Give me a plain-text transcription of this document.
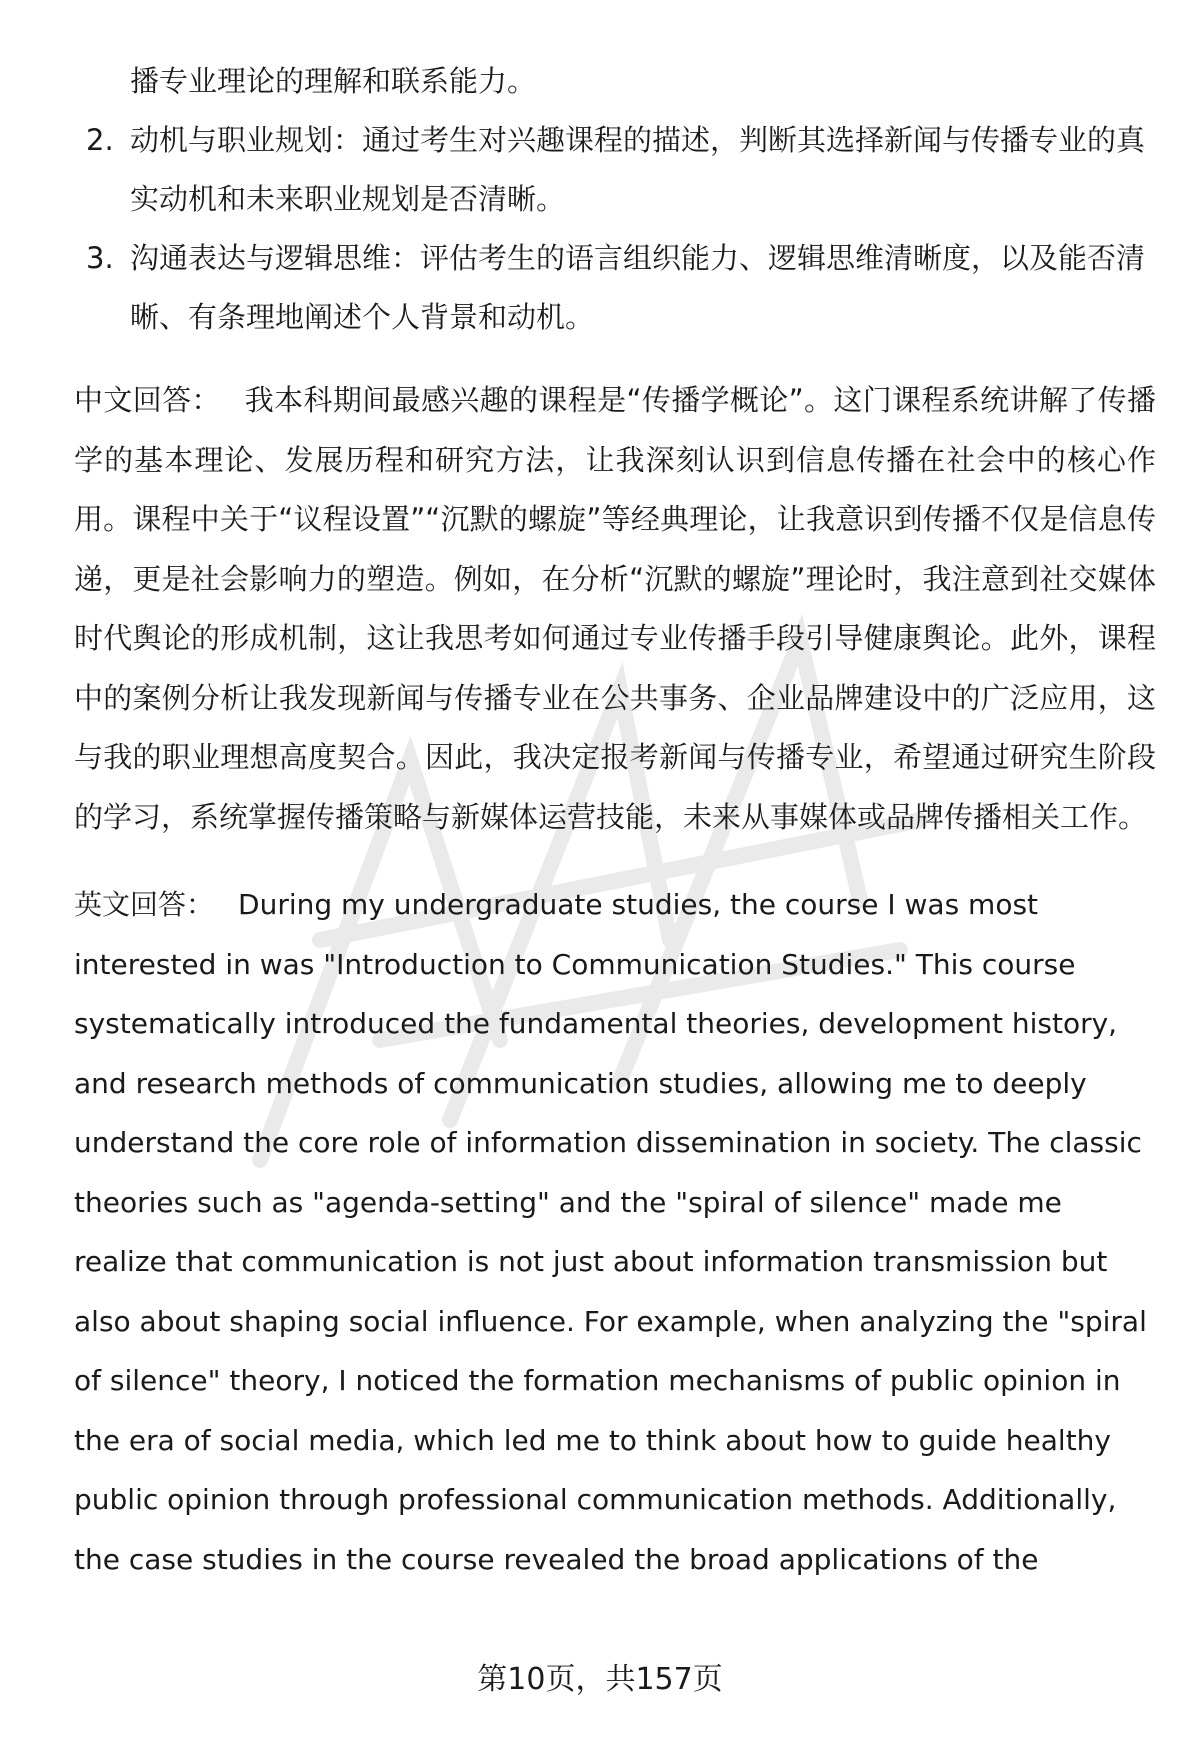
播专业理论的理解和联系能力。

2. 动机与职业规划：通过考生对兴趣课程的描述，判断其选择新闻与传播专业的真实动机和未来职业规划是否清晰。
3. 沟通表达与逻辑思维：评估考生的语言组织能力、逻辑思维清晰度，以及能否清晰、有条理地阐述个人背景和动机。

中文回答： 我本科期间最感兴趣的课程是“传播学概论”。这门课程系统讲解了传播学的基本理论、发展历程和研究方法，让我深刻认识到信息传播在社会中的核心作用。课程中关于“议程设置”“沉默的螺旋”等经典理论，让我意识到传播不仅是信息传递，更是社会影响力的塑造。例如，在分析“沉默的螺旋”理论时，我注意到社交媒体时代舆论的形成机制，这让我思考如何通过专业传播手段引导健康舆论。此外，课程中的案例分析让我发现新闻与传播专业在公共事务、企业品牌建设中的广泛应用，这与我的职业理想高度契合。因此，我决定报考新闻与传播专业，希望通过研究生阶段的学习，系统掌握传播策略与新媒体运营技能，未来从事媒体或品牌传播相关工作。

英文回答： During my undergraduate studies, the course I was most interested in was "Introduction to Communication Studies." This course systematically introduced the fundamental theories, development history, and research methods of communication studies, allowing me to deeply understand the core role of information dissemination in society. The classic theories such as "agenda-setting" and the "spiral of silence" made me realize that communication is not just about information transmission but also about shaping social influence. For example, when analyzing the "spiral of silence" theory, I noticed the formation mechanisms of public opinion in the era of social media, which led me to think about how to guide healthy public opinion through professional communication methods. Additionally, the case studies in the course revealed the broad applications of the

第10页，共157页
